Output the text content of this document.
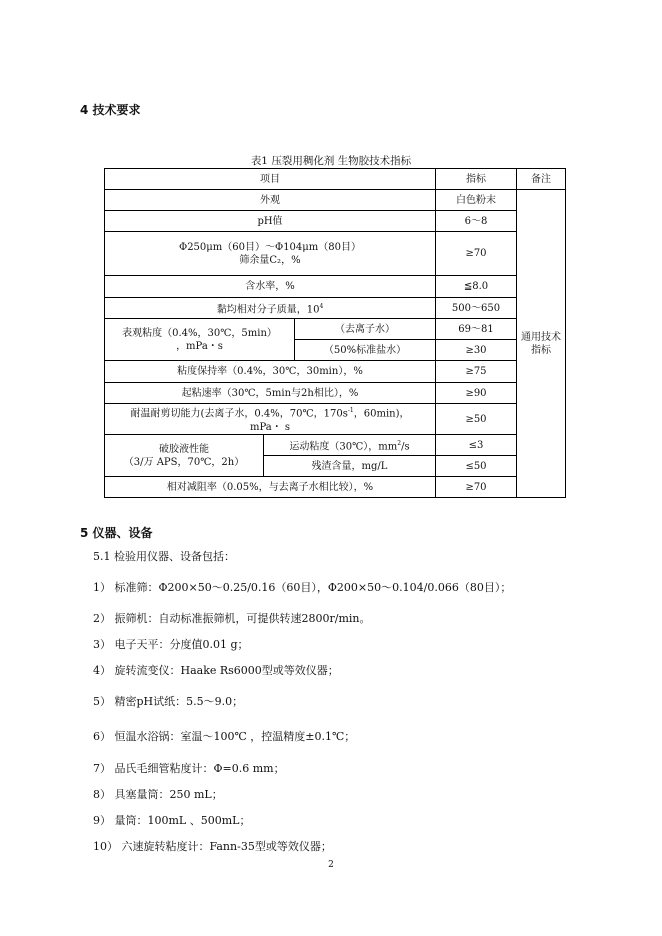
4 技术要求
表1 压裂用稠化剂 生物胶技术指标
项目			指标	备注
外观			白色粉末	通用技术指标
pH值			6～8	

Φ250μm（60目）～Φ104μm（80目）
筛余量C₂，%			≥70	
含水率，%			≦8.0	
黏均相对分子质量，$10^4$			500～650	

表观粘度（0.4%，30℃，5min）
，mPa・s		（去离子水）	69～81	
		（50%标准盐水）	≥30	
粘度保持率（0.4%，30℃，30min），%			≥75	
起粘速率（30℃，5min与2h相比），%			≥90	

耐温耐剪切能力(去离子水，0.4%，70℃，$170s^{-1}$，60min)，
mPa・ s			≥50	

破胶液性能
（3/万 APS，70℃，2h）	运动粘度（30℃），$mm^2/s$		≤3	
	残渣含量，mg/L		≤50	
相对减阻率（0.05%，与去离子水相比较），%			≥70	
5 仪器、设备
5.1 检验用仪器、设备包括：
1） 标准筛：Φ200×50～0.25/0.16（60目），Φ200×50～0.104/0.066（80目）；
2） 振筛机：自动标准振筛机，可提供转速2800r/min。
3） 电子天平：分度值0.01 g；
4） 旋转流变仪：Haake Rs6000型或等效仪器；
5） 精密pH试纸：5.5～9.0；
6） 恒温水浴锅：室温～100℃ ，控温精度±0.1℃；
7） 品氏毛细管粘度计：Φ=0.6 mm；
8） 具塞量筒：250 mL；
9） 量筒：100mL 、500mL；
10） 六速旋转粘度计：Fann-35型或等效仪器；
2
